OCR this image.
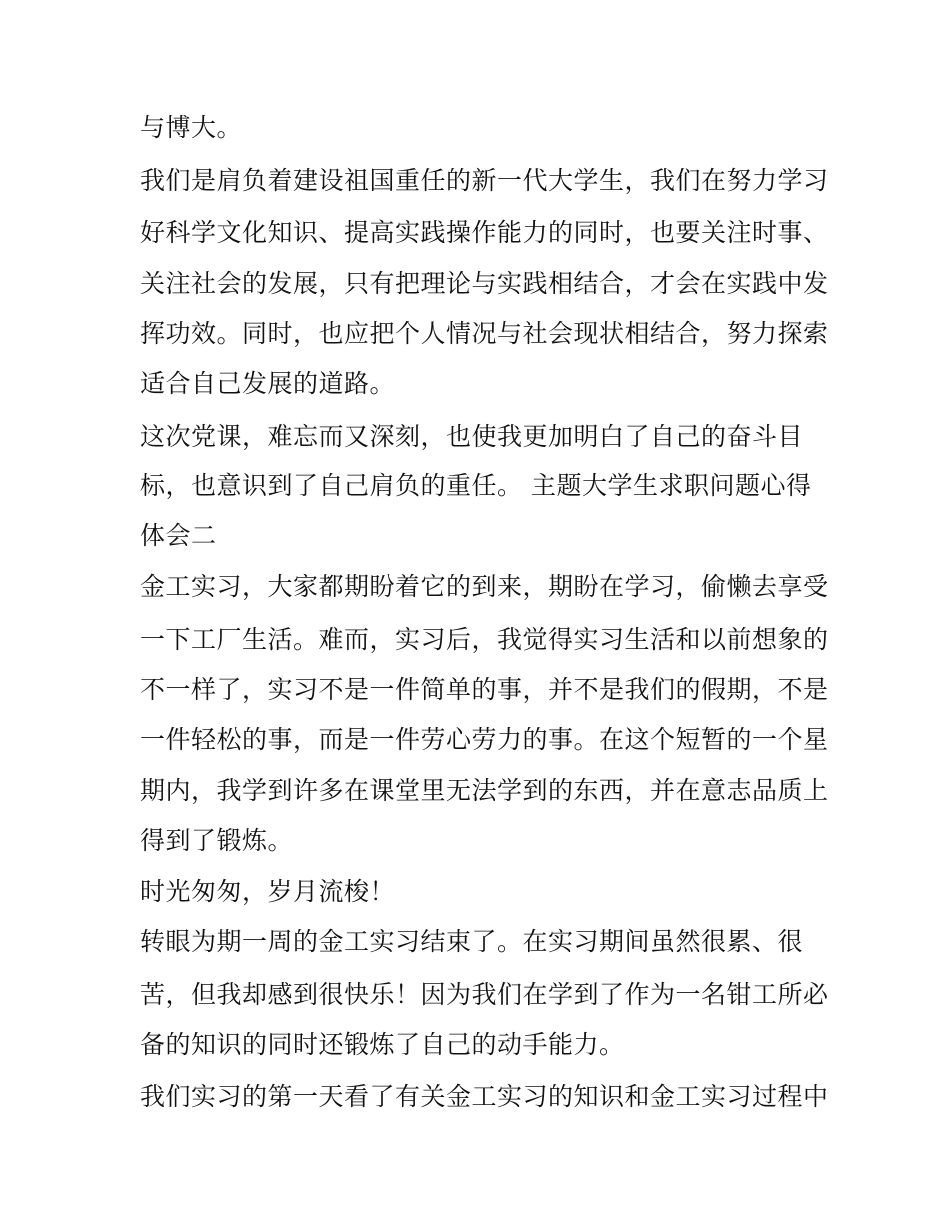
与博大。
我们是肩负着建设祖国重任的新一代大学生，我们在努力学习
好科学文化知识、提高实践操作能力的同时，也要关注时事、
关注社会的发展，只有把理论与实践相结合，才会在实践中发
挥功效。同时，也应把个人情况与社会现状相结合，努力探索
适合自己发展的道路。
这次党课，难忘而又深刻，也使我更加明白了自己的奋斗目
标，也意识到了自己肩负的重任。 主题大学生求职问题心得
体会二
金工实习，大家都期盼着它的到来，期盼在学习，偷懒去享受
一下工厂生活。难而，实习后，我觉得实习生活和以前想象的
不一样了，实习不是一件简单的事，并不是我们的假期，不是
一件轻松的事，而是一件劳心劳力的事。在这个短暂的一个星
期内，我学到许多在课堂里无法学到的东西，并在意志品质上
得到了锻炼。
时光匆匆，岁月流梭！
转眼为期一周的金工实习结束了。在实习期间虽然很累、很
苦，但我却感到很快乐！因为我们在学到了作为一名钳工所必
备的知识的同时还锻炼了自己的动手能力。
我们实习的第一天看了有关金工实习的知识和金工实习过程中
